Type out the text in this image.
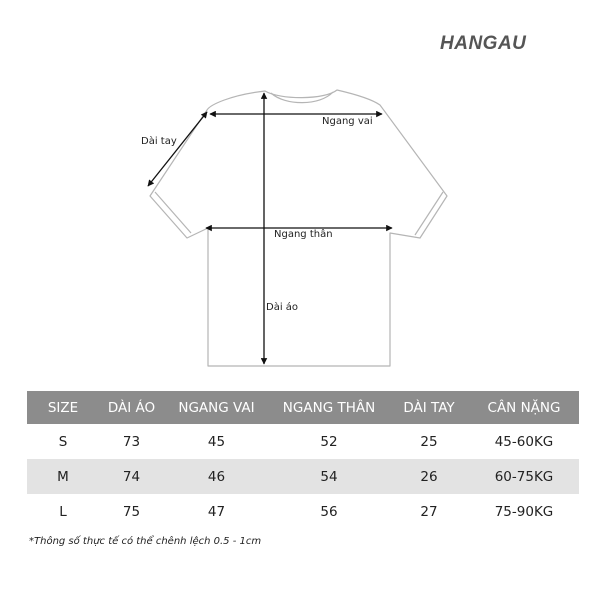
HANGAU
Dài tay
Ngang vai
Ngang thân
Dài áo
SIZE	DÀI ÁO	NGANG VAI	NGANG THÂN	DÀI TAY	CÂN NẶNG
S	73	45	52	25	45-60KG
M	74	46	54	26	60-75KG
L	75	47	56	27	75-90KG
*Thông số thực tế có thể chênh lệch 0.5 - 1cm
